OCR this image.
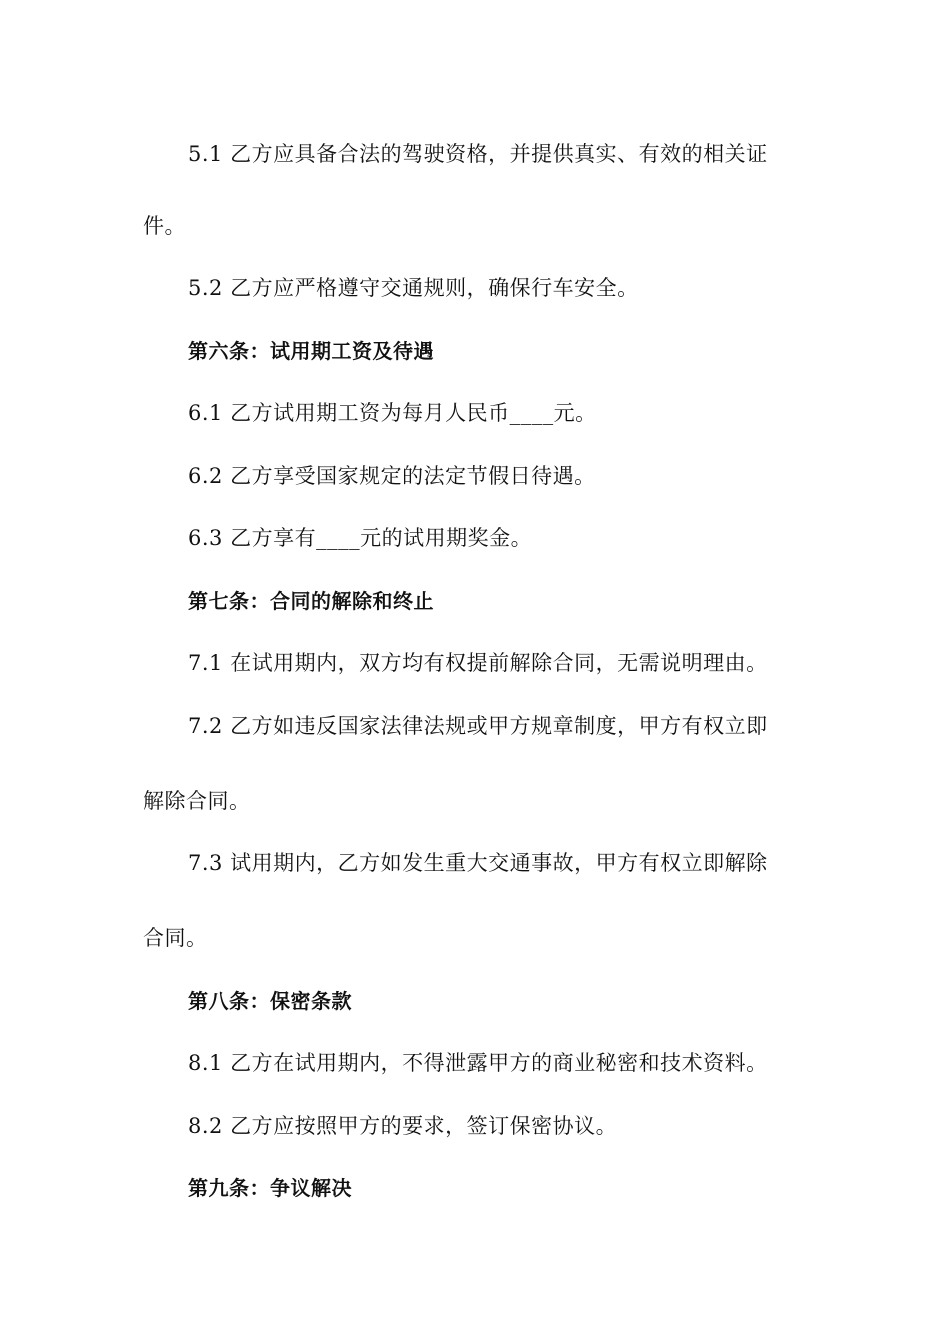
5.1 乙方应具备合法的驾驶资格，并提供真实、有效的相关证
件。
5.2 乙方应严格遵守交通规则，确保行车安全。
第六条：试用期工资及待遇
6.1 乙方试用期工资为每月人民币____元。
6.2 乙方享受国家规定的法定节假日待遇。
6.3 乙方享有____元的试用期奖金。
第七条：合同的解除和终止
7.1 在试用期内，双方均有权提前解除合同，无需说明理由。
7.2 乙方如违反国家法律法规或甲方规章制度，甲方有权立即
解除合同。
7.3 试用期内，乙方如发生重大交通事故，甲方有权立即解除
合同。
第八条：保密条款
8.1 乙方在试用期内，不得泄露甲方的商业秘密和技术资料。
8.2 乙方应按照甲方的要求，签订保密协议。
第九条：争议解决
